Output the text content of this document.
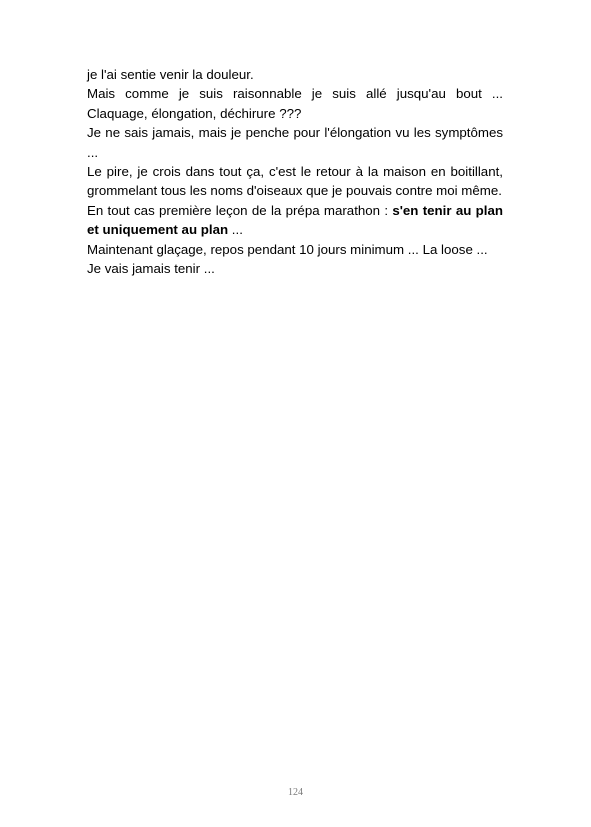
je l'ai sentie venir la douleur.

Mais comme je suis raisonnable je suis allé jusqu'au bout ... Claquage, élongation, déchirure ???

Je ne sais jamais, mais je penche pour l'élongation vu les symptômes ...

Le pire, je crois dans tout ça, c'est le retour à la maison en boitillant, grommelant tous les noms d'oiseaux que je pouvais contre moi même.

En tout cas première leçon de la prépa marathon : s'en tenir au plan et uniquement au plan ...

Maintenant glaçage, repos pendant 10 jours minimum ... La loose ...

Je vais jamais tenir ...

124
